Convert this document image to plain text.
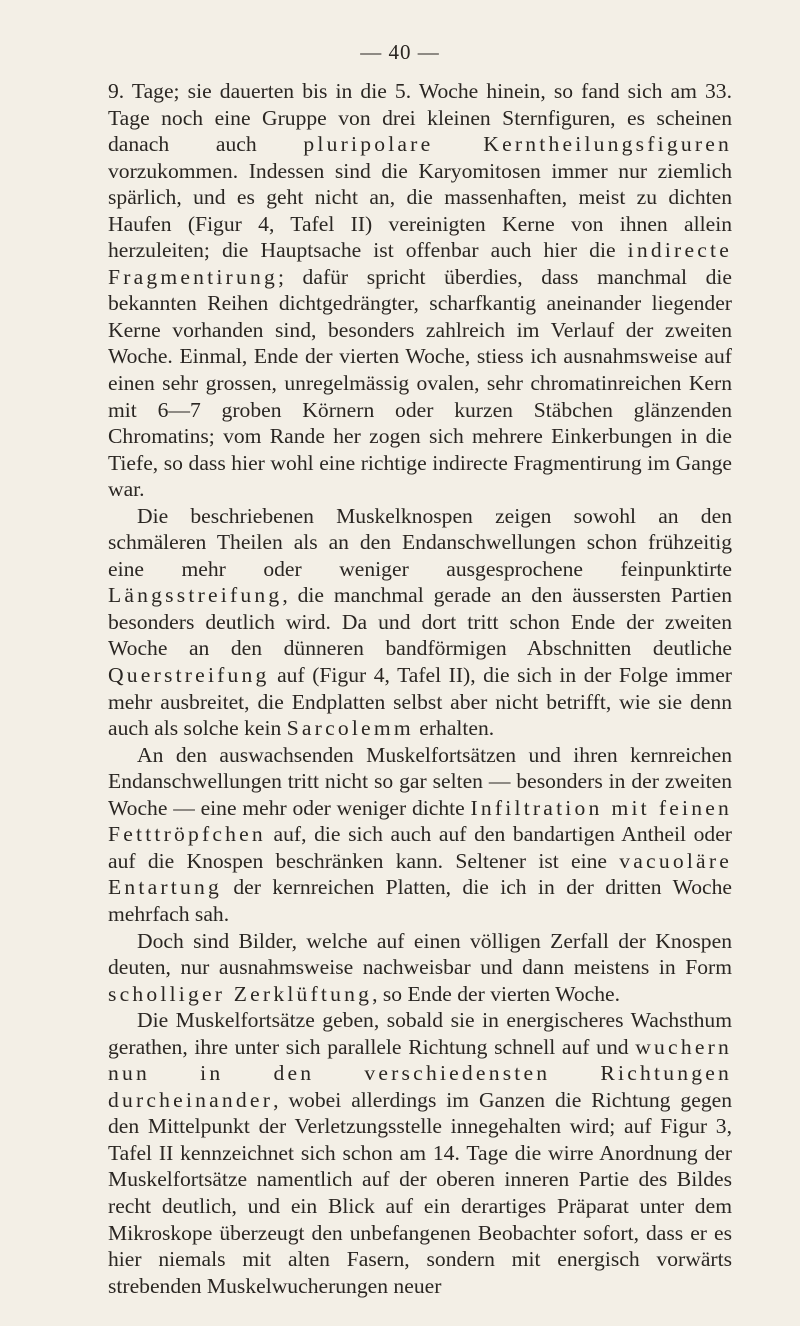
— 40 —

9. Tage; sie dauerten bis in die 5. Woche hinein, so fand sich am 33. Tage noch eine Gruppe von drei kleinen Sternfiguren, es scheinen danach auch pluripolare Kerntheilungsfiguren vorzukommen. Indessen sind die Karyomitosen immer nur ziemlich spärlich, und es geht nicht an, die massenhaften, meist zu dichten Haufen (Figur 4, Tafel II) vereinigten Kerne von ihnen allein herzuleiten; die Hauptsache ist offenbar auch hier die indirecte Fragmentirung; dafür spricht überdies, dass manchmal die bekannten Reihen dichtgedrängter, scharfkantig aneinander liegender Kerne vorhanden sind, besonders zahlreich im Verlauf der zweiten Woche. Einmal, Ende der vierten Woche, stiess ich ausnahmsweise auf einen sehr grossen, unregelmässig ovalen, sehr chromatinreichen Kern mit 6—7 groben Körnern oder kurzen Stäbchen glänzenden Chromatins; vom Rande her zogen sich mehrere Einkerbungen in die Tiefe, so dass hier wohl eine richtige indirecte Fragmentirung im Gange war.

Die beschriebenen Muskelknospen zeigen sowohl an den schmäleren Theilen als an den Endanschwellungen schon frühzeitig eine mehr oder weniger ausgesprochene feinpunktirte Längsstreifung, die manchmal gerade an den äussersten Partien besonders deutlich wird. Da und dort tritt schon Ende der zweiten Woche an den dünneren bandförmigen Abschnitten deutliche Querstreifung auf (Figur 4, Tafel II), die sich in der Folge immer mehr ausbreitet, die Endplatten selbst aber nicht betrifft, wie sie denn auch als solche kein Sarcolemm erhalten.

An den auswachsenden Muskelfortsätzen und ihren kernreichen Endanschwellungen tritt nicht so gar selten — besonders in der zweiten Woche — eine mehr oder weniger dichte Infiltration mit feinen Fetttröpfchen auf, die sich auch auf den bandartigen Antheil oder auf die Knospen beschränken kann. Seltener ist eine vacuoläre Entartung der kernreichen Platten, die ich in der dritten Woche mehrfach sah.

Doch sind Bilder, welche auf einen völligen Zerfall der Knospen deuten, nur ausnahmsweise nachweisbar und dann meistens in Form scholliger Zerklüftung, so Ende der vierten Woche.

Die Muskelfortsätze geben, sobald sie in energischeres Wachsthum gerathen, ihre unter sich parallele Richtung schnell auf und wuchern nun in den verschiedensten Richtungen durcheinander, wobei allerdings im Ganzen die Richtung gegen den Mittelpunkt der Verletzungsstelle innegehalten wird; auf Figur 3, Tafel II kennzeichnet sich schon am 14. Tage die wirre Anordnung der Muskelfortsätze namentlich auf der oberen inneren Partie des Bildes recht deutlich, und ein Blick auf ein derartiges Präparat unter dem Mikroskope überzeugt den unbefangenen Beobachter sofort, dass er es hier niemals mit alten Fasern, sondern mit energisch vorwärts strebenden Muskelwucherungen neuer
